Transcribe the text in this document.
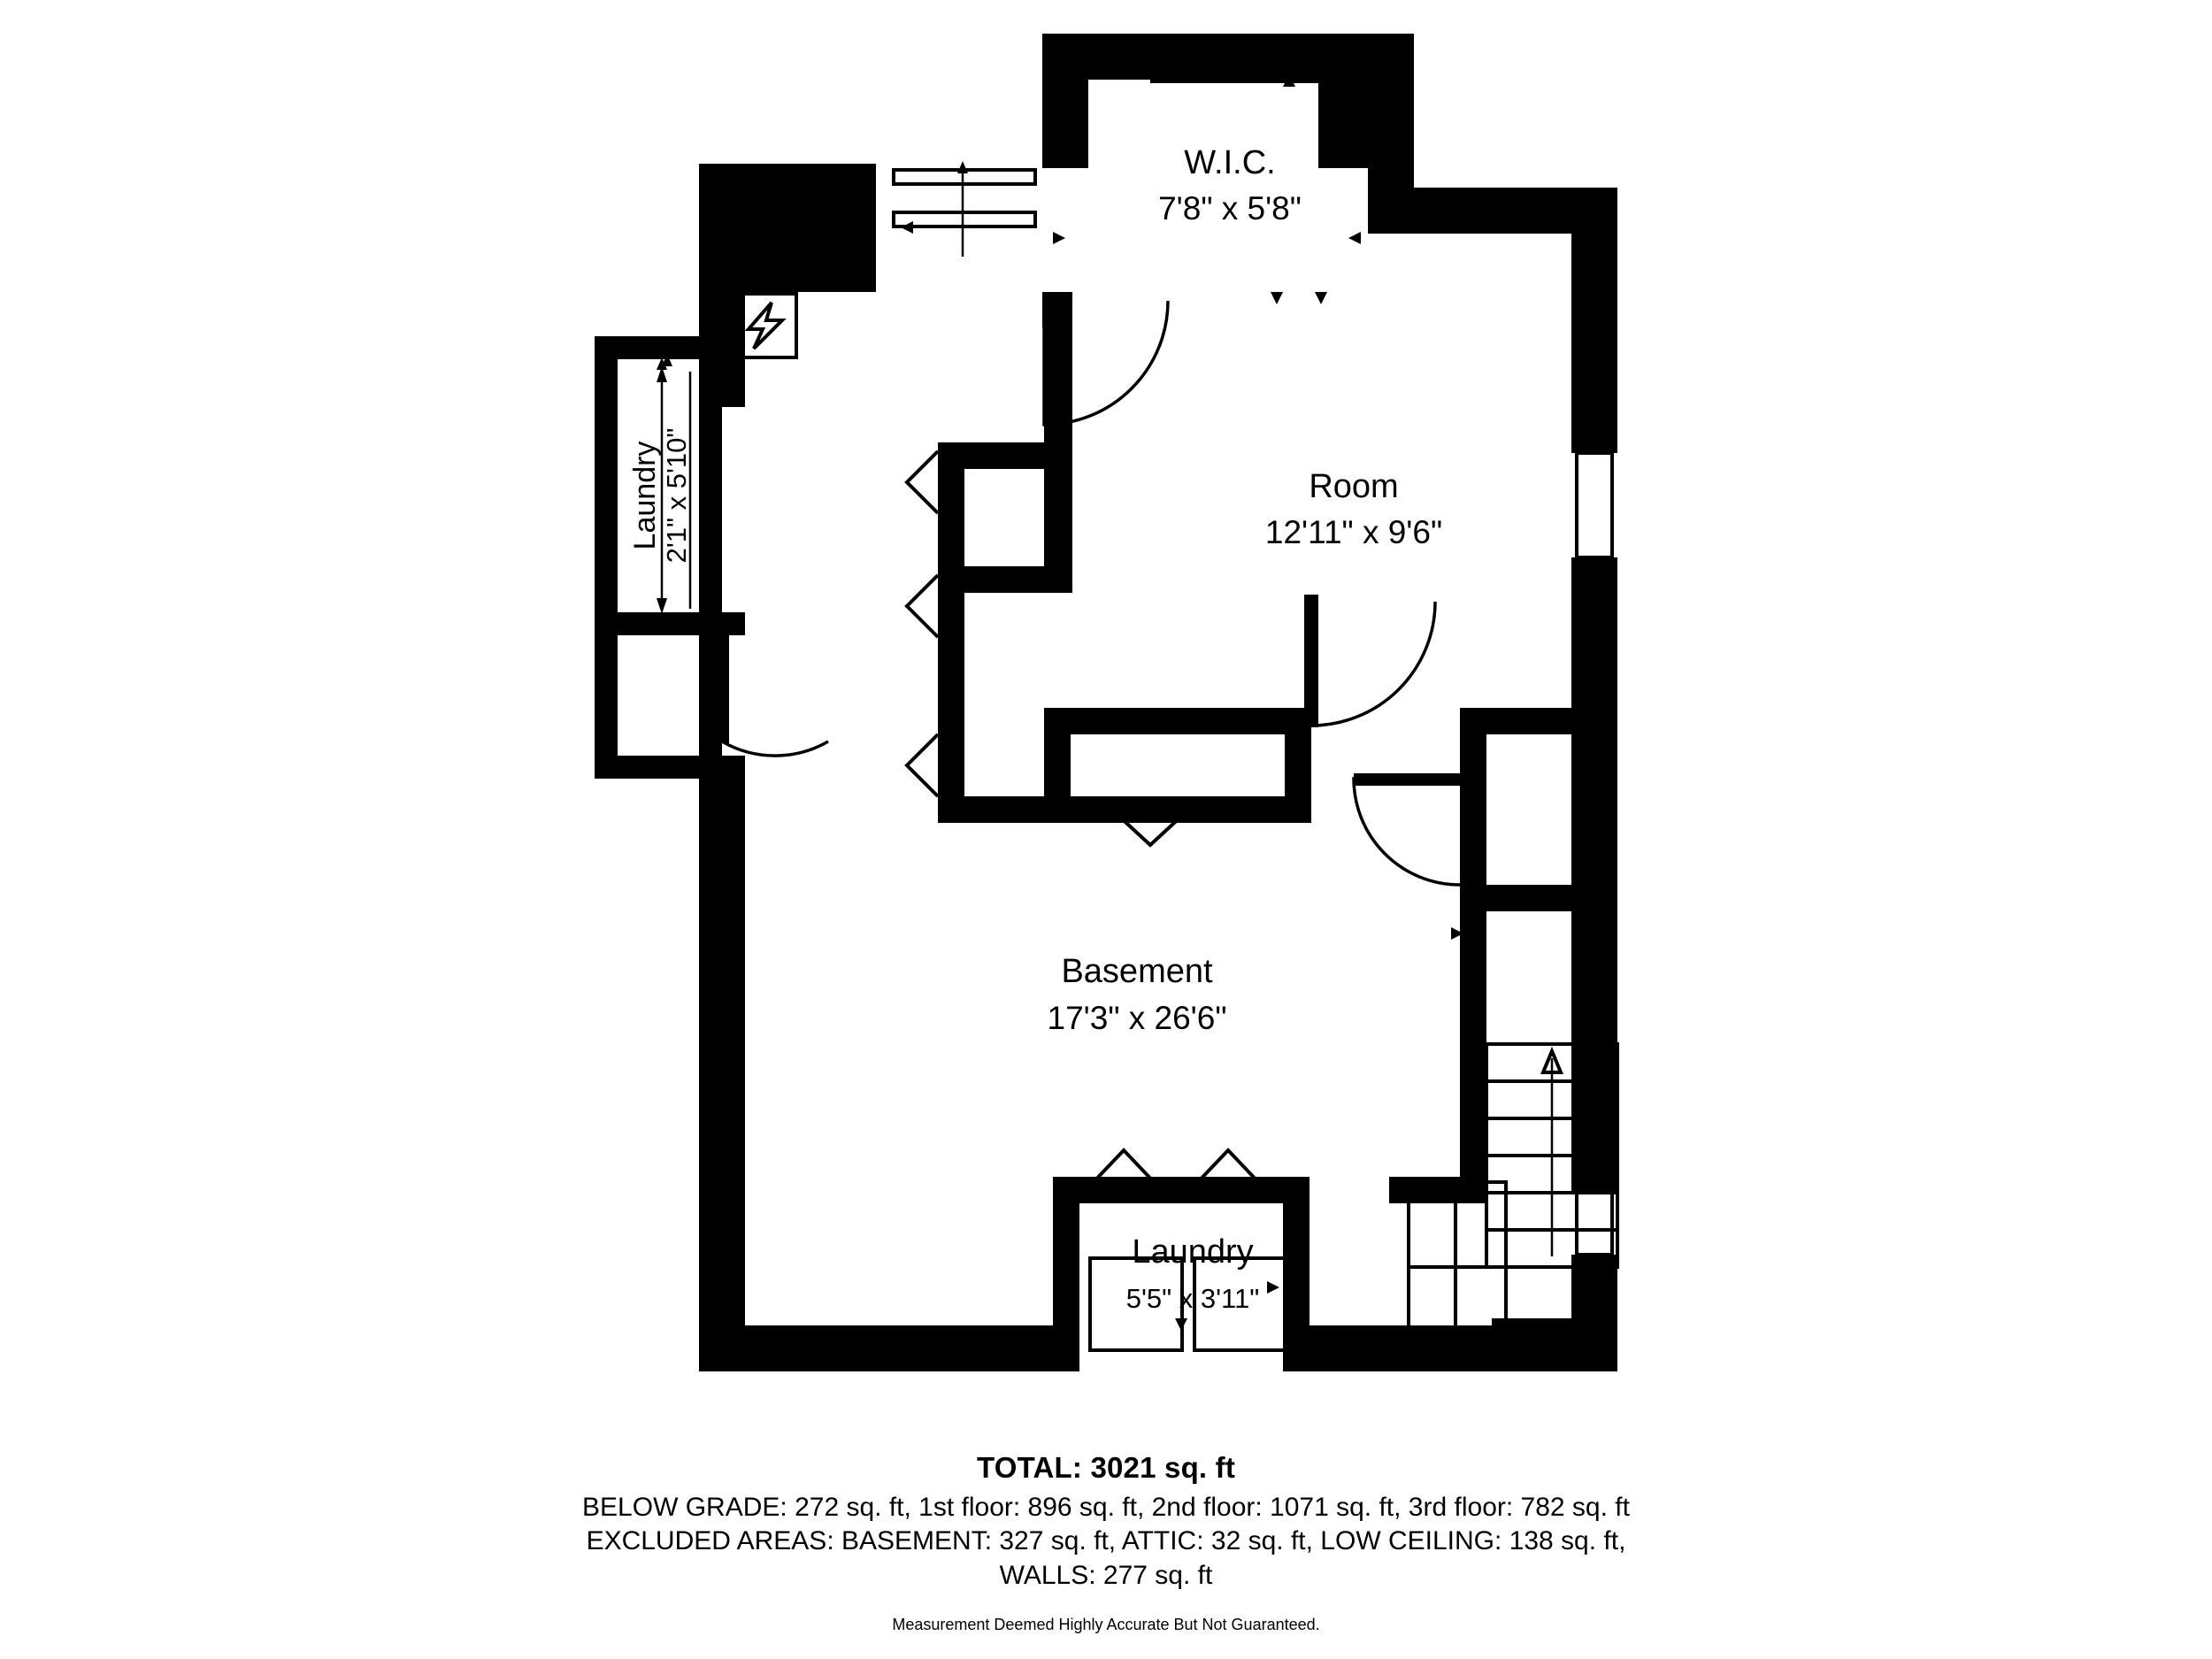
W.I.C.
7'8" x 5'8"
Room
12'11" x 9'6"
Basement
17'3" x 26'6"
Laundry
5'5" x 3'11"
Laundry 2'1" x 5'10"

TOTAL: 3021 sq. ft

BELOW GRADE: 272 sq. ft, 1st floor: 896 sq. ft, 2nd floor: 1071 sq. ft, 3rd floor: 782 sq. ft

EXCLUDED AREAS: BASEMENT: 327 sq. ft, ATTIC: 32 sq. ft, LOW CEILING: 138 sq. ft,

WALLS: 277 sq. ft

Measurement Deemed Highly Accurate But Not Guaranteed.
